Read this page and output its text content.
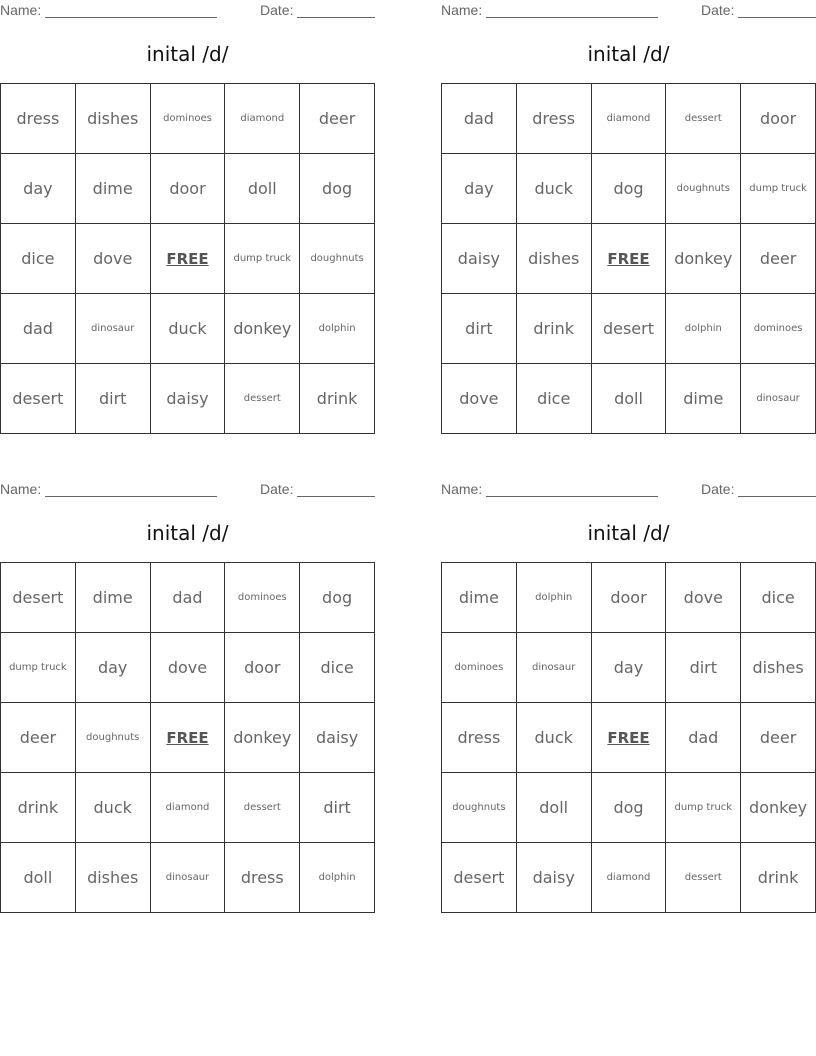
Name:	Date:
inital /d/
dress	dishes	dominoes	diamond	deer
day	dime	door	doll	dog
dice	dove	FREE	dump truck	doughnuts
dad	dinosaur	duck	donkey	dolphin
desert	dirt	daisy	dessert	drink
Name:	Date:
inital /d/
dad	dress	diamond	dessert	door
day	duck	dog	doughnuts	dump truck
daisy	dishes	FREE	donkey	deer
dirt	drink	desert	dolphin	dominoes
dove	dice	doll	dime	dinosaur
Name:	Date:
inital /d/
desert	dime	dad	dominoes	dog
dump truck	day	dove	door	dice
deer	doughnuts	FREE	donkey	daisy
drink	duck	diamond	dessert	dirt
doll	dishes	dinosaur	dress	dolphin
Name:	Date:
inital /d/
dime	dolphin	door	dove	dice
dominoes	dinosaur	day	dirt	dishes
dress	duck	FREE	dad	deer
doughnuts	doll	dog	dump truck	donkey
desert	daisy	diamond	dessert	drink
